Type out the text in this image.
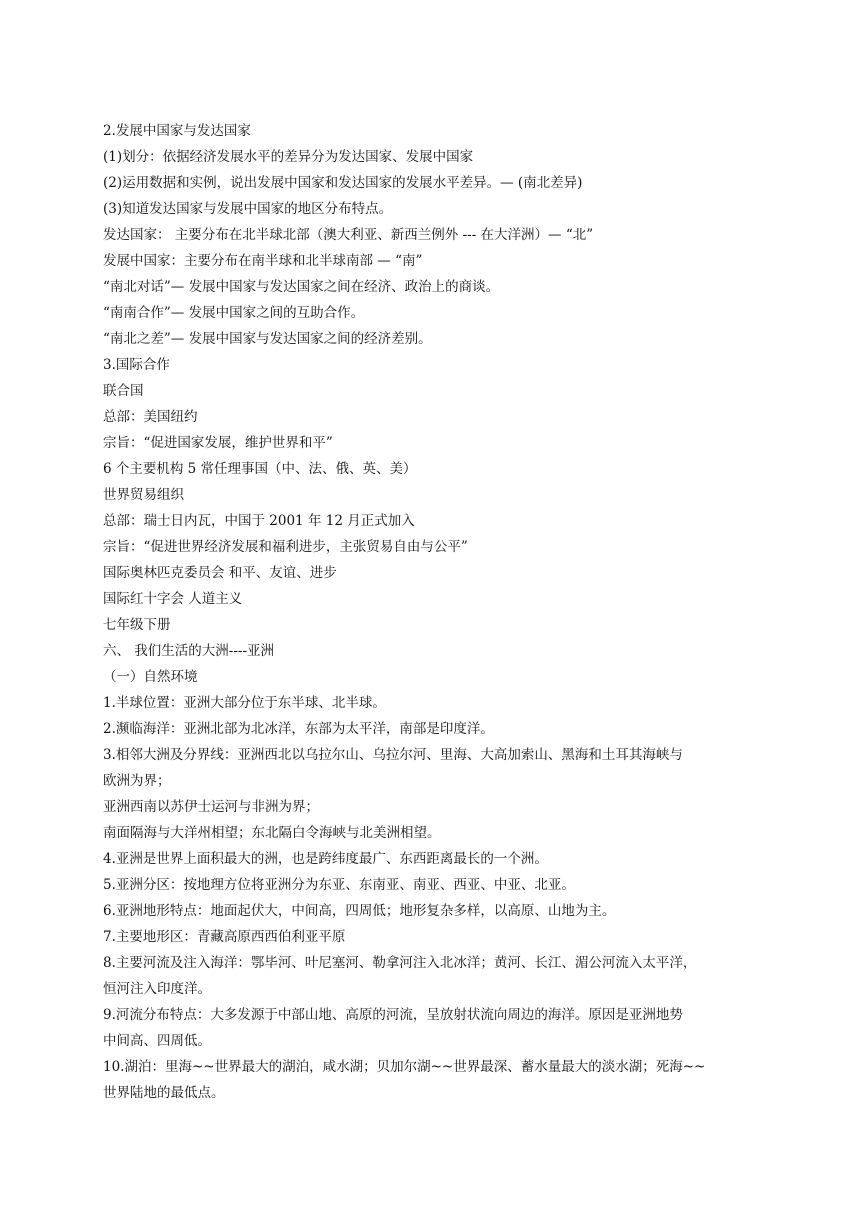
2.发展中国家与发达国家

(1)划分：依据经济发展水平的差异分为发达国家、发展中国家

(2)运用数据和实例，说出发展中国家和发达国家的发展水平差异。— (南北差异)

(3)知道发达国家与发展中国家的地区分布特点。

发达国家： 主要分布在北半球北部（澳大利亚、新西兰例外 --- 在大洋洲）— “北”

发展中国家：主要分布在南半球和北半球南部 — “南”

“南北对话”— 发展中国家与发达国家之间在经济、政治上的商谈。

“南南合作”— 发展中国家之间的互助合作。

“南北之差”— 发展中国家与发达国家之间的经济差别。

3.国际合作

联合国

总部：美国纽约

宗旨：“促进国家发展，维护世界和平”

6 个主要机构 5 常任理事国（中、法、俄、英、美）

世界贸易组织

总部：瑞士日内瓦，中国于 2001 年 12 月正式加入

宗旨：“促进世界经济发展和福利进步，主张贸易自由与公平”

国际奥林匹克委员会 和平、友谊、进步

国际红十字会 人道主义

七年级下册

六、 我们生活的大洲----亚洲

（一）自然环境

1.半球位置：亚洲大部分位于东半球、北半球。

2.濒临海洋：亚洲北部为北冰洋，东部为太平洋，南部是印度洋。

3.相邻大洲及分界线：亚洲西北以乌拉尔山、乌拉尔河、里海、大高加索山、黑海和土耳其海峡与

欧洲为界；

亚洲西南以苏伊士运河与非洲为界；

南面隔海与大洋州相望；东北隔白令海峡与北美洲相望。

4.亚洲是世界上面积最大的洲，也是跨纬度最广、东西距离最长的一个洲。

5.亚洲分区：按地理方位将亚洲分为东亚、东南亚、南亚、西亚、中亚、北亚。

6.亚洲地形特点：地面起伏大，中间高，四周低；地形复杂多样，以高原、山地为主。

7.主要地形区：青藏高原西西伯利亚平原

8.主要河流及注入海洋：鄂毕河、叶尼塞河、勒拿河注入北冰洋；黄河、长江、湄公河流入太平洋，

恒河注入印度洋。

9.河流分布特点：大多发源于中部山地、高原的河流，呈放射状流向周边的海洋。原因是亚洲地势

中间高、四周低。

10.湖泊：里海~~世界最大的湖泊，咸水湖；贝加尔湖~~世界最深、蓄水量最大的淡水湖；死海~~

世界陆地的最低点。
